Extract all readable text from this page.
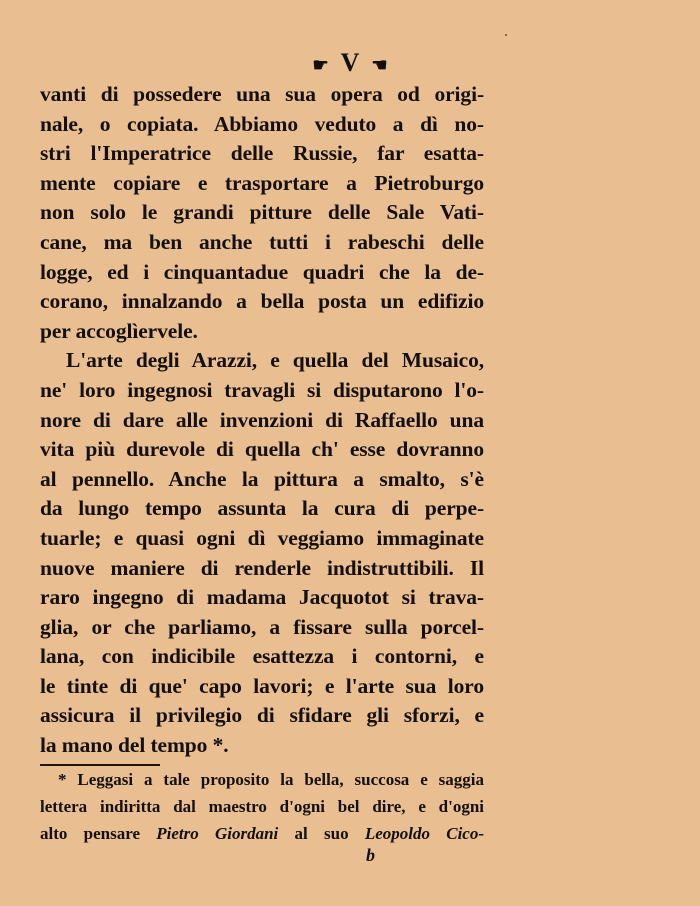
☛ V ☚
vanti di possedere una sua opera od origi-
nale, o copiata. Abbiamo veduto a dì no-
stri l'Imperatrice delle Russie, far esatta-
mente copiare e trasportare a Pietroburgo
non solo le grandi pitture delle Sale Vati-
cane, ma ben anche tutti i rabeschi delle
logge, ed i cinquantadue quadri che la de-
corano, innalzando a bella posta un edifizio
per accoglìervele.
L'arte degli Arazzi, e quella del Musaico,
ne' loro ingegnosi travagli si disputarono l'o-
nore di dare alle invenzioni di Raffaello una
vita più durevole di quella ch' esse dovranno
al pennello. Anche la pittura a smalto, s'è
da lungo tempo assunta la cura di perpe-
tuarle; e quasi ogni dì veggiamo immaginate
nuove maniere di renderle indistruttibili. Il
raro ingegno di madama Jacquotot si trava-
glia, or che parliamo, a fissare sulla porcel-
lana, con indicibile esattezza i contorni, e
le tinte di que' capo lavori; e l'arte sua loro
assicura il privilegio di sfidare gli sforzi, e
la mano del tempo *.
* Leggasi a tale proposito la bella, succosa e saggia
lettera indiritta dal maestro d'ogni bel dire, e d'ogni
alto pensare Pietro Giordani al suo Leopoldo Cico-
b
